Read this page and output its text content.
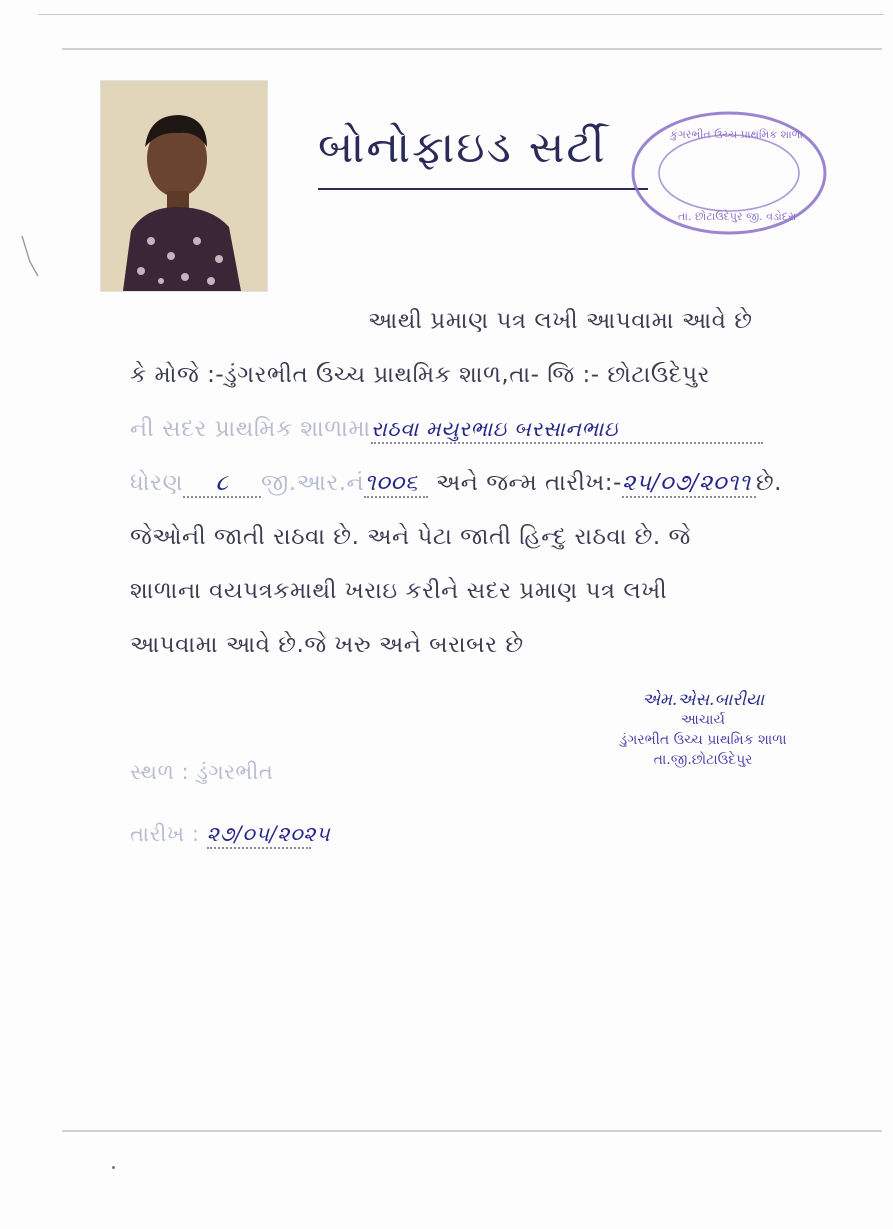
બોનોફાઇડ સર્ટી	કુંગરભીત ઉચ્ચ પ્રાથમિક શાળા
તા. છોટાઉદેપુર જી. વડોદરા
આથી પ્રમાણ પત્ર લખી આપવામા આવે છે
કે મોજે :-ડુંગરભીત ઉચ્ચ પ્રાથમિક શાળ,તા- જિ :- છોટાઉદેપુર
ની સદર પ્રાથમિક શાળામારાઠવા મયુરભાઇ બરસાનભાઇ
ધોરણ ૮ જી.આર.નં૧૦૦૬ અને જન્મ તારીખ:-૨૫/૦૭/૨૦૧૧ છે.
જેઓની જાતી રાઠવા છે. અને પેટા જાતી હિન્દુ રાઠવા છે. જે
શાળાના વયપત્રકમાથી ખરાઇ કરીને સદર પ્રમાણ પત્ર લખી
આપવામા આવે છે.જે ખરુ અને બરાબર છે
એમ.એસ.બારીયા
આચાર્ય
ડુંગરભીત ઉચ્ચ પ્રાથમિક શાળા
તા.જી.છોટાઉદેપુર
સ્થળ : ડુંગરભીત
તારીખ : ૨૭/૦૫/૨૦૨૫
